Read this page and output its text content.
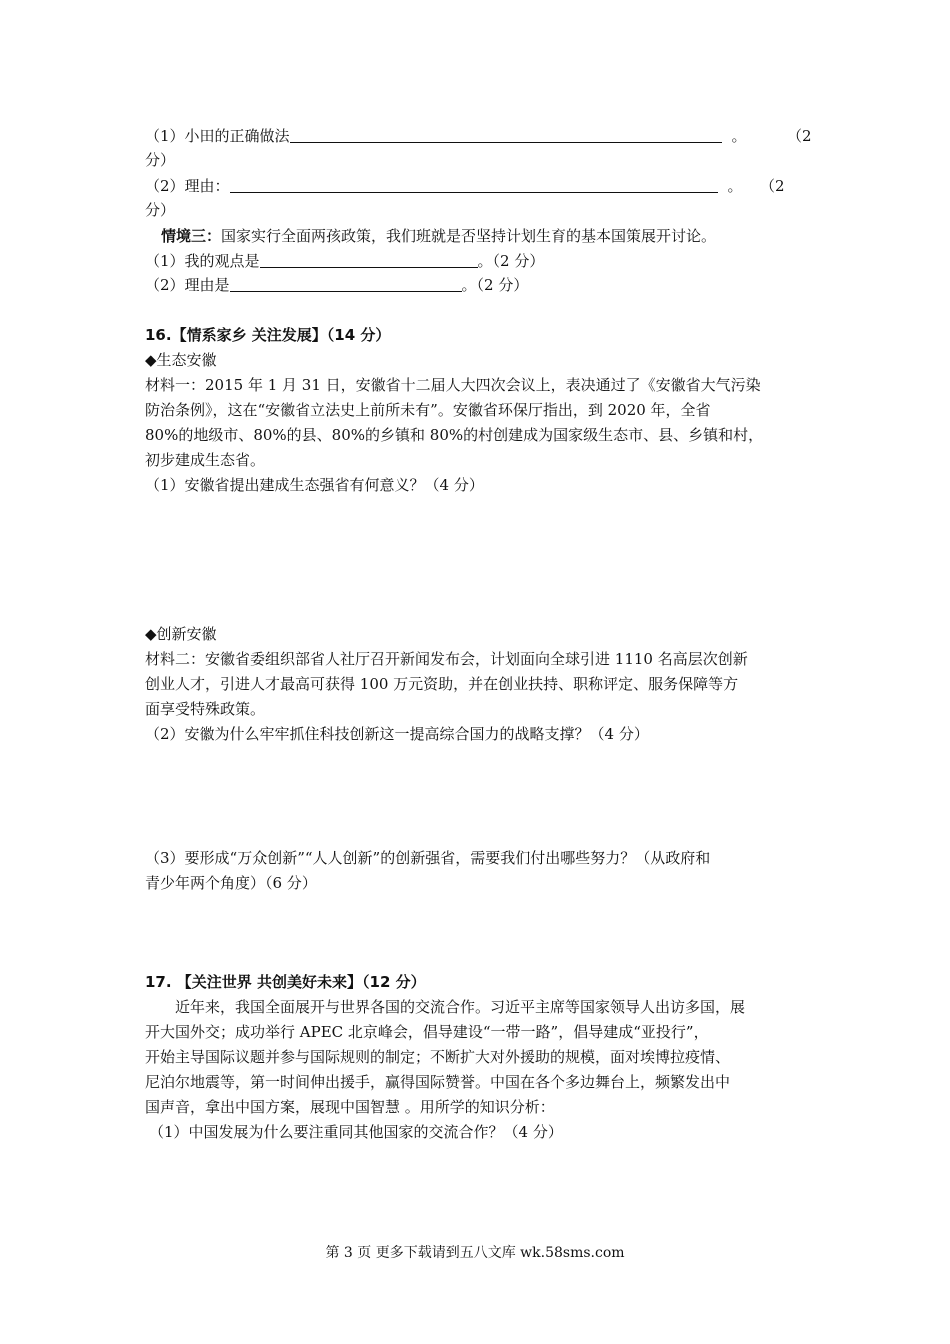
（1）小田的正确做法	。	（2
分）
（2）理由：	。 （2
分）
情境三：国家实行全面两孩政策，我们班就是否坚持计划生育的基本国策展开讨论。
（1）我的观点是	。（2 分）
（2）理由是	。（2 分）
16.【情系家乡 关注发展】（14 分）
◆生态安徽
材料一：2015 年 1 月 31 日，安徽省十二届人大四次会议上，表决通过了《安徽省大气污染
防治条例》，这在“安徽省立法史上前所未有”。安徽省环保厅指出，到 2020 年，全省
80%的地级市、80%的县、80%的乡镇和 80%的村创建成为国家级生态市、县、乡镇和村，
初步建成生态省。
（1）安徽省提出建成生态强省有何意义？（4 分）
◆创新安徽
材料二：安徽省委组织部省人社厅召开新闻发布会，计划面向全球引进 1110 名高层次创新
创业人才，引进人才最高可获得 100 万元资助，并在创业扶持、职称评定、服务保障等方
面享受特殊政策。
（2）安徽为什么牢牢抓住科技创新这一提高综合国力的战略支撑？（4 分）
（3）要形成“万众创新”“人人创新”的创新强省，需要我们付出哪些努力？（从政府和
青少年两个角度）（6 分）
17. 【关注世界 共创美好未来】（12 分）
近年来，我国全面展开与世界各国的交流合作。习近平主席等国家领导人出访多国，展
开大国外交；成功举行 APEC 北京峰会，倡导建设“一带一路”，倡导建成“亚投行”，
开始主导国际议题并参与国际规则的制定；不断扩大对外援助的规模，面对埃博拉疫情、
尼泊尔地震等，第一时间伸出援手，赢得国际赞誉。中国在各个多边舞台上，频繁发出中
国声音，拿出中国方案，展现中国智慧 。用所学的知识分析：
（1）中国发展为什么要注重同其他国家的交流合作？（4 分）
第 3 页 更多下载请到五八文库 wk.58sms.com
